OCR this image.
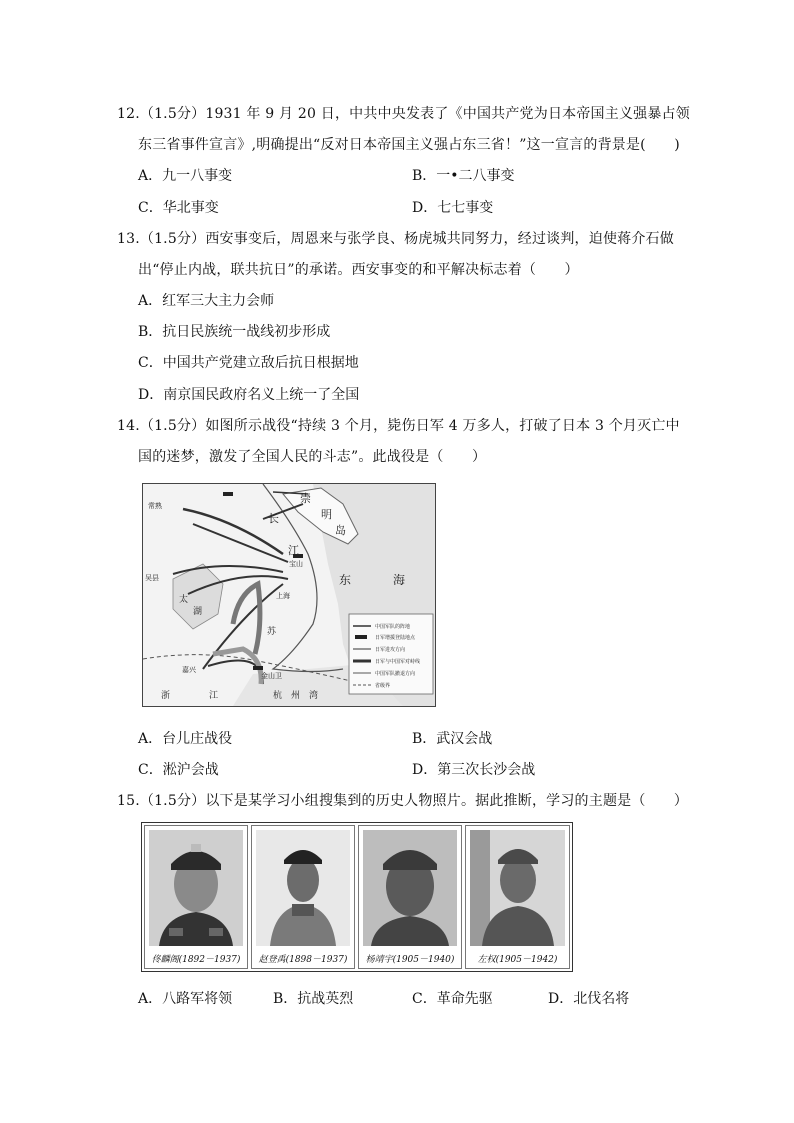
12.（1.5分）1931 年 9 月 20 日，中共中央发表了《中国共产党为日本帝国主义强暴占领
东三省事件宣言》,明确提出“反对日本帝国主义强占东三省！”这一宣言的背景是(　　)
A．九一八事变	B．一•二八事变
C．华北事变	D．七七事变
13.（1.5分）西安事变后，周恩来与张学良、杨虎城共同努力，经过谈判，迫使蒋介石做
出“停止内战，联共抗日”的承诺。西安事变的和平解决标志着（　　）
A．红军三大主力会师
B．抗日民族统一战线初步形成
C．中国共产党建立敌后抗日根据地
D．南京国民政府名义上统一了全国
14.（1.5分）如图所示战役“持续 3 个月，毙伤日军 4 万多人，打破了日本 3 个月灭亡中
国的迷梦，激发了全国人民的斗志”。此战役是（　　）
崇
明
岛
长
江
东	海
常熟
宝山
上海
嘉兴
金山卫
杭 州 湾
浙	江
吴县
太
湖
苏	中国军队的阵地
日军增援登陆地点
日军进攻方向
日军与中国军对峙线
中国军队撤退方向
省级界
A．台儿庄战役	B．武汉会战
C．淞沪会战	D．第三次长沙会战
15.（1.5分）以下是某学习小组搜集到的历史人物照片。据此推断，学习的主题是（　　）
佟麟阁(1892－1937)	赵登禹(1898－1937)	杨靖宇(1905－1940)	左权(1905－1942)
A．八路军将领	B．抗战英烈	C．革命先驱	D．北伐名将
